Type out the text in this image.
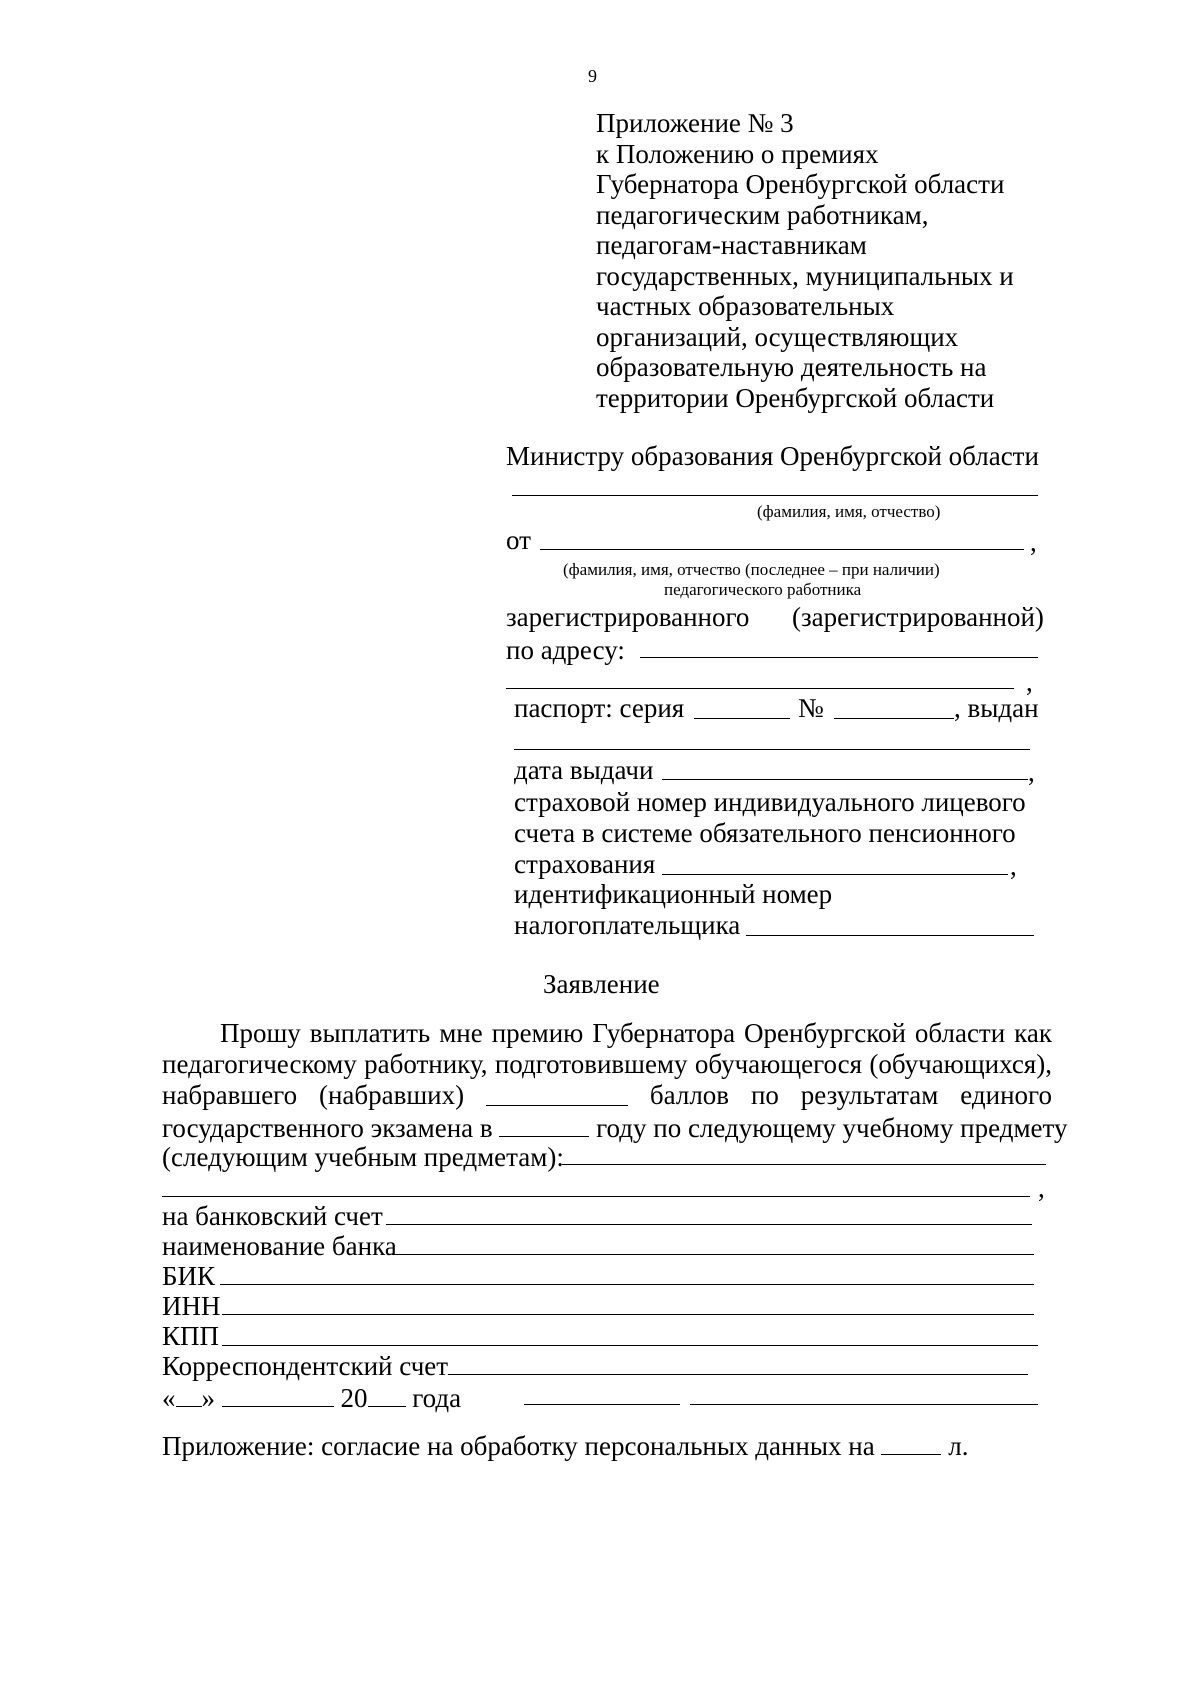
9
Приложение № 3
к Положению о премиях
Губернатора Оренбургской области
педагогическим работникам,
педагогам-наставникам
государственных, муниципальных и
частных образовательных
организаций, осуществляющих
образовательную деятельность на
территории Оренбургской области
Министру образования Оренбургской области
(фамилия, имя, отчество)
от	,
(фамилия, имя, отчество (последнее – при наличии)
педагогического работника
зарегистрированного (зарегистрированной)
по адресу:
,
паспорт: серия	№	, выдан
дата выдачи	,
страховой номер индивидуального лицевого
счета в системе обязательного пенсионного
страхования	,
идентификационный номер
налогоплательщика
Заявление
Прошу выплатить мне премию Губернатора Оренбургской области как
педагогическому работнику, подготовившему обучающегося (обучающихся),
набравшего (набравших)	баллов по результатам единого
государственного экзамена в	году по следующему учебному предмету
(следующим учебным предметам):
,
на банковский счет
наименование банка
БИК
ИНН
КПП
Корреспондентский счет
« »	20 года
Приложение: согласие на обработку персональных данных на	л.
